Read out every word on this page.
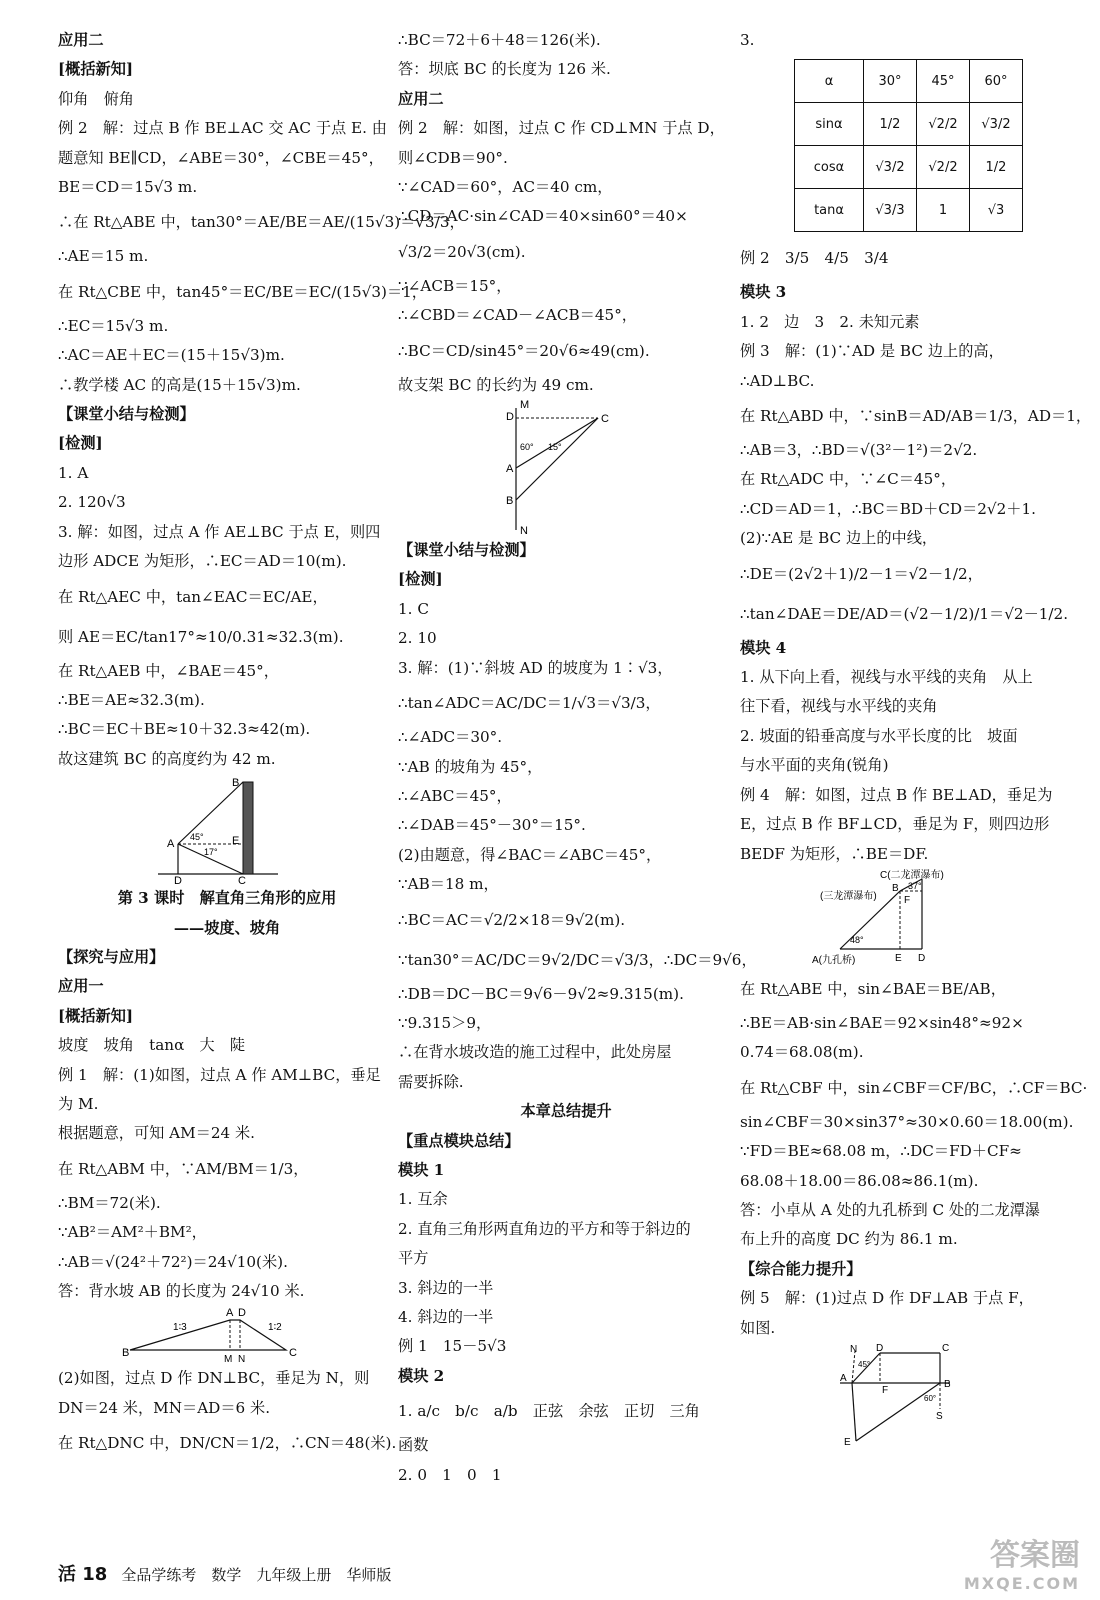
应用二
[概括新知]
仰角　俯角
例 2　解：过点 B 作 BE⊥AC 交 AC 于点 E. 由
题意知 BE∥CD，∠ABE＝30°，∠CBE＝45°，
BE＝CD＝15√3 m.
∴在 Rt△ABE 中，tan30°＝AE/BE＝AE/(15√3)＝√3/3，
∴AE＝15 m.
在 Rt△CBE 中，tan45°＝EC/BE＝EC/(15√3)＝1，
∴EC＝15√3 m.
∴AC＝AE＋EC＝(15＋15√3)m.
∴教学楼 AC 的高是(15＋15√3)m.
【课堂小结与检测】
[检测]
1. A
2. 120√3
3. 解：如图，过点 A 作 AE⊥BC 于点 E，则四
边形 ADCE 为矩形，∴EC＝AD＝10(m).
在 Rt△AEC 中，tan∠EAC＝EC/AE，
则 AE＝EC/tan17°≈10/0.31≈32.3(m).
在 Rt△AEB 中，∠BAE＝45°，
∴BE＝AE≈32.3(m).
∴BC＝EC＋BE≈10＋32.3≈42(m).
故这建筑 BC 的高度约为 42 m.
B
A	E
D	C
45°
17°
第 3 课时　解直角三角形的应用
——坡度、坡角
【探究与应用】
应用一
[概括新知]
坡度　坡角　tanα　大　陡
例 1　解：(1)如图，过点 A 作 AM⊥BC，垂足
为 M.
根据题意，可知 AM＝24 米.
在 Rt△ABM 中，∵AM/BM＝1/3，
∴BM＝72(米).
∵AB²＝AM²＋BM²，
∴AB＝√(24²＋72²)＝24√10(米).
答：背水坡 AB 的长度为 24√10 米.
A D
1∶3	1∶2
B
M N
C
(2)如图，过点 D 作 DN⊥BC，垂足为 N，则
DN＝24 米，MN＝AD＝6 米.
在 Rt△DNC 中，DN/CN＝1/2，∴CN＝48(米).
∴BC＝72＋6＋48＝126(米).
答：坝底 BC 的长度为 126 米.
应用二
例 2　解：如图，过点 C 作 CD⊥MN 于点 D，
则∠CDB＝90°.
∵∠CAD＝60°，AC＝40 cm，
∴CD＝AC·sin∠CAD＝40×sin60°＝40×
√3/2＝20√3(cm).
∵∠ACB＝15°，
∴∠CBD＝∠CAD－∠ACB＝45°，
∴BC＝CD/sin45°＝20√6≈49(cm).
故支架 BC 的长约为 49 cm.
M
D	C
60° 15°
A
B
N
【课堂小结与检测】
[检测]
1. C
2. 10
3. 解：(1)∵斜坡 AD 的坡度为 1∶√3，
∴tan∠ADC＝AC/DC＝1/√3＝√3/3，
∴∠ADC＝30°.
∵AB 的坡角为 45°，
∴∠ABC＝45°，
∴∠DAB＝45°－30°＝15°.
(2)由题意，得∠BAC＝∠ABC＝45°，
∵AB＝18 m，
∴BC＝AC＝√2/2×18＝9√2(m).
∵tan30°＝AC/DC＝9√2/DC＝√3/3，∴DC＝9√6，
∴DB＝DC－BC＝9√6－9√2≈9.315(m).
∵9.315＞9，
∴在背水坡改造的施工过程中，此处房屋
需要拆除.
本章总结提升
【重点模块总结】
模块 1
1. 互余
2. 直角三角形两直角边的平方和等于斜边的
平方
3. 斜边的一半
4. 斜边的一半
例 1　15－5√3
模块 2
1. a/c　b/c　a/b　正弦　余弦　正切　三角
函数
2. 0　1　0　1
3.
α	30°	45°	60°
sinα	1/2	√2/2	√3/2
cosα	√3/2	√2/2	1/2
tanα	√3/3	1	√3
例 2　3/5　4/5　3/4
模块 3
1. 2　边　3　2. 未知元素
例 3　解：(1)∵AD 是 BC 边上的高，
∴AD⊥BC.
在 Rt△ABD 中，∵sinB＝AD/AB＝1/3，AD＝1，
∴AB＝3，∴BD＝√(3²－1²)＝2√2.
在 Rt△ADC 中，∵∠C＝45°，
∴CD＝AD＝1，∴BC＝BD＋CD＝2√2＋1.
(2)∵AE 是 BC 边上的中线，
∴DE＝(2√2＋1)/2－1＝√2－1/2，
∴tan∠DAE＝DE/AD＝(√2－1/2)/1＝√2－1/2.
模块 4
1. 从下向上看，视线与水平线的夹角　从上
往下看，视线与水平线的夹角
2. 坡面的铅垂高度与水平长度的比　坡面
与水平面的夹角(锐角)
例 4　解：如图，过点 B 作 BE⊥AD，垂足为
E，过点 B 作 BF⊥CD，垂足为 F，则四边形
BEDF 为矩形，∴BE＝DF.
C(二龙潭瀑布)
(三龙潭瀑布)
B
F
37°
48°
A(九孔桥)	E D
在 Rt△ABE 中，sin∠BAE＝BE/AB，
∴BE＝AB·sin∠BAE＝92×sin48°≈92×
0.74＝68.08(m).
在 Rt△CBF 中，sin∠CBF＝CF/BC，∴CF＝BC·
sin∠CBF＝30×sin37°≈30×0.60＝18.00(m).
∵FD＝BE≈68.08 m，∴DC＝FD＋CF≈
68.08＋18.00＝86.08≈86.1(m).
答：小卓从 A 处的九孔桥到 C 处的二龙潭瀑
布上升的高度 DC 约为 86.1 m.
【综合能力提升】
例 5　解：(1)过点 D 作 DF⊥AB 于点 F，
如图.
N D	C
A
45°
F
B
60°
S
E
活 18 全品学练考　数学　九年级上册　华师版
答案圈
MXQE.COM
